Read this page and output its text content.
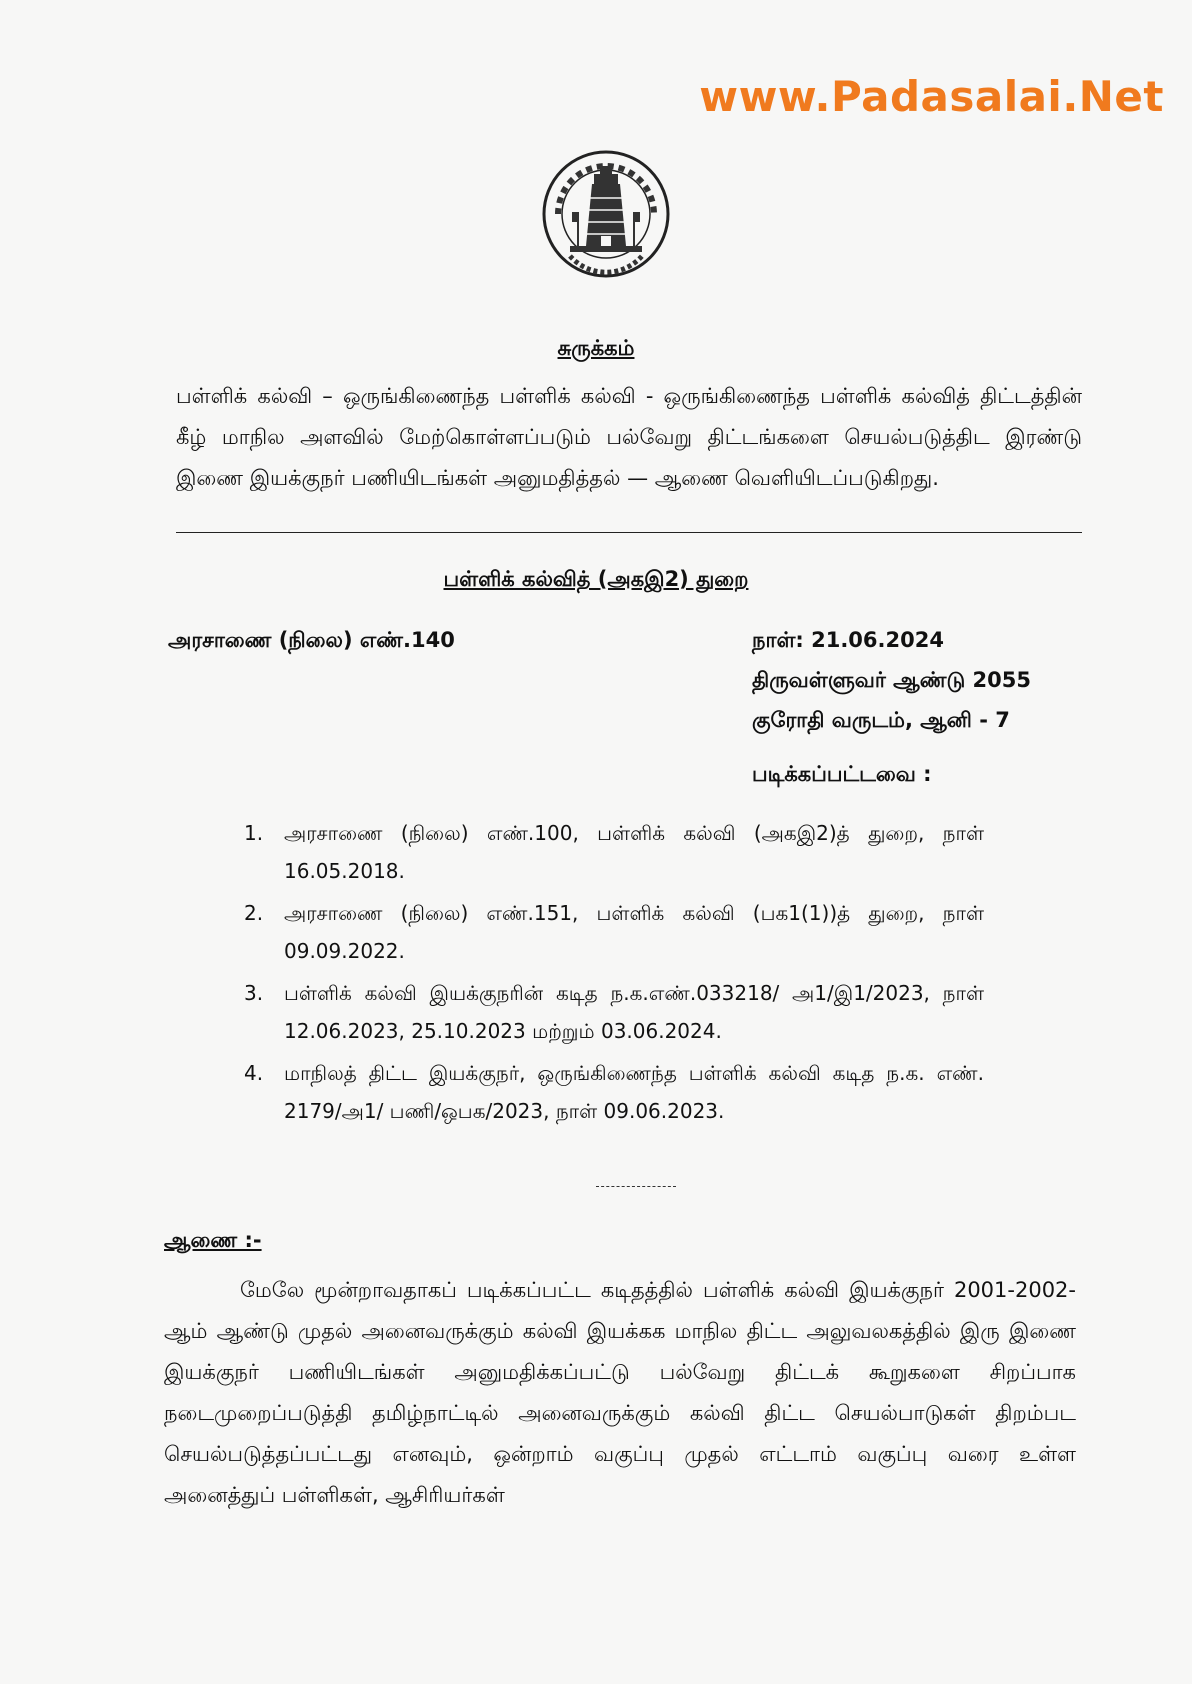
www.Padasalai.Net
சுருக்கம்
பள்ளிக் கல்வி – ஒருங்கிணைந்த பள்ளிக் கல்வி - ஒருங்கிணைந்த பள்ளிக் கல்வித் திட்டத்தின் கீழ் மாநில அளவில் மேற்கொள்ளப்படும் பல்வேறு திட்டங்களை செயல்படுத்திட இரண்டு இணை இயக்குநர் பணியிடங்கள் அனுமதித்தல் — ஆணை வெளியிடப்படுகிறது.
பள்ளிக் கல்வித் (அகஇ2) துறை
அரசாணை (நிலை) எண்.140	நாள்: 21.06.2024
திருவள்ளுவர் ஆண்டு 2055
குரோதி வருடம், ஆனி - 7
படிக்கப்பட்டவை :
1. அரசாணை (நிலை) எண்.100, பள்ளிக் கல்வி (அகஇ2)த் துறை, நாள் 16.05.2018.
2. அரசாணை (நிலை) எண்.151, பள்ளிக் கல்வி (பக1(1))த் துறை, நாள் 09.09.2022.
3. பள்ளிக் கல்வி இயக்குநரின் கடித ந.க.எண்.033218/ அ1/இ1/2023, நாள் 12.06.2023, 25.10.2023 மற்றும் 03.06.2024.
4. மாநிலத் திட்ட இயக்குநர், ஒருங்கிணைந்த பள்ளிக் கல்வி கடித ந.க. எண். 2179/அ1/ பணி/ஒபக/2023, நாள் 09.06.2023.
ஆணை :-

மேலே மூன்றாவதாகப் படிக்கப்பட்ட கடிதத்தில் பள்ளிக் கல்வி இயக்குநர் 2001-2002-ஆம் ஆண்டு முதல் அனைவருக்கும் கல்வி இயக்கக மாநில திட்ட அலுவலகத்தில் இரு இணை இயக்குநர் பணியிடங்கள் அனுமதிக்கப்பட்டு பல்வேறு திட்டக் கூறுகளை சிறப்பாக நடைமுறைப்படுத்தி தமிழ்நாட்டில் அனைவருக்கும் கல்வி திட்ட செயல்பாடுகள் திறம்பட செயல்படுத்தப்பட்டது எனவும், ஒன்றாம் வகுப்பு முதல் எட்டாம் வகுப்பு வரை உள்ள அனைத்துப் பள்ளிகள், ஆசிரியர்கள்
